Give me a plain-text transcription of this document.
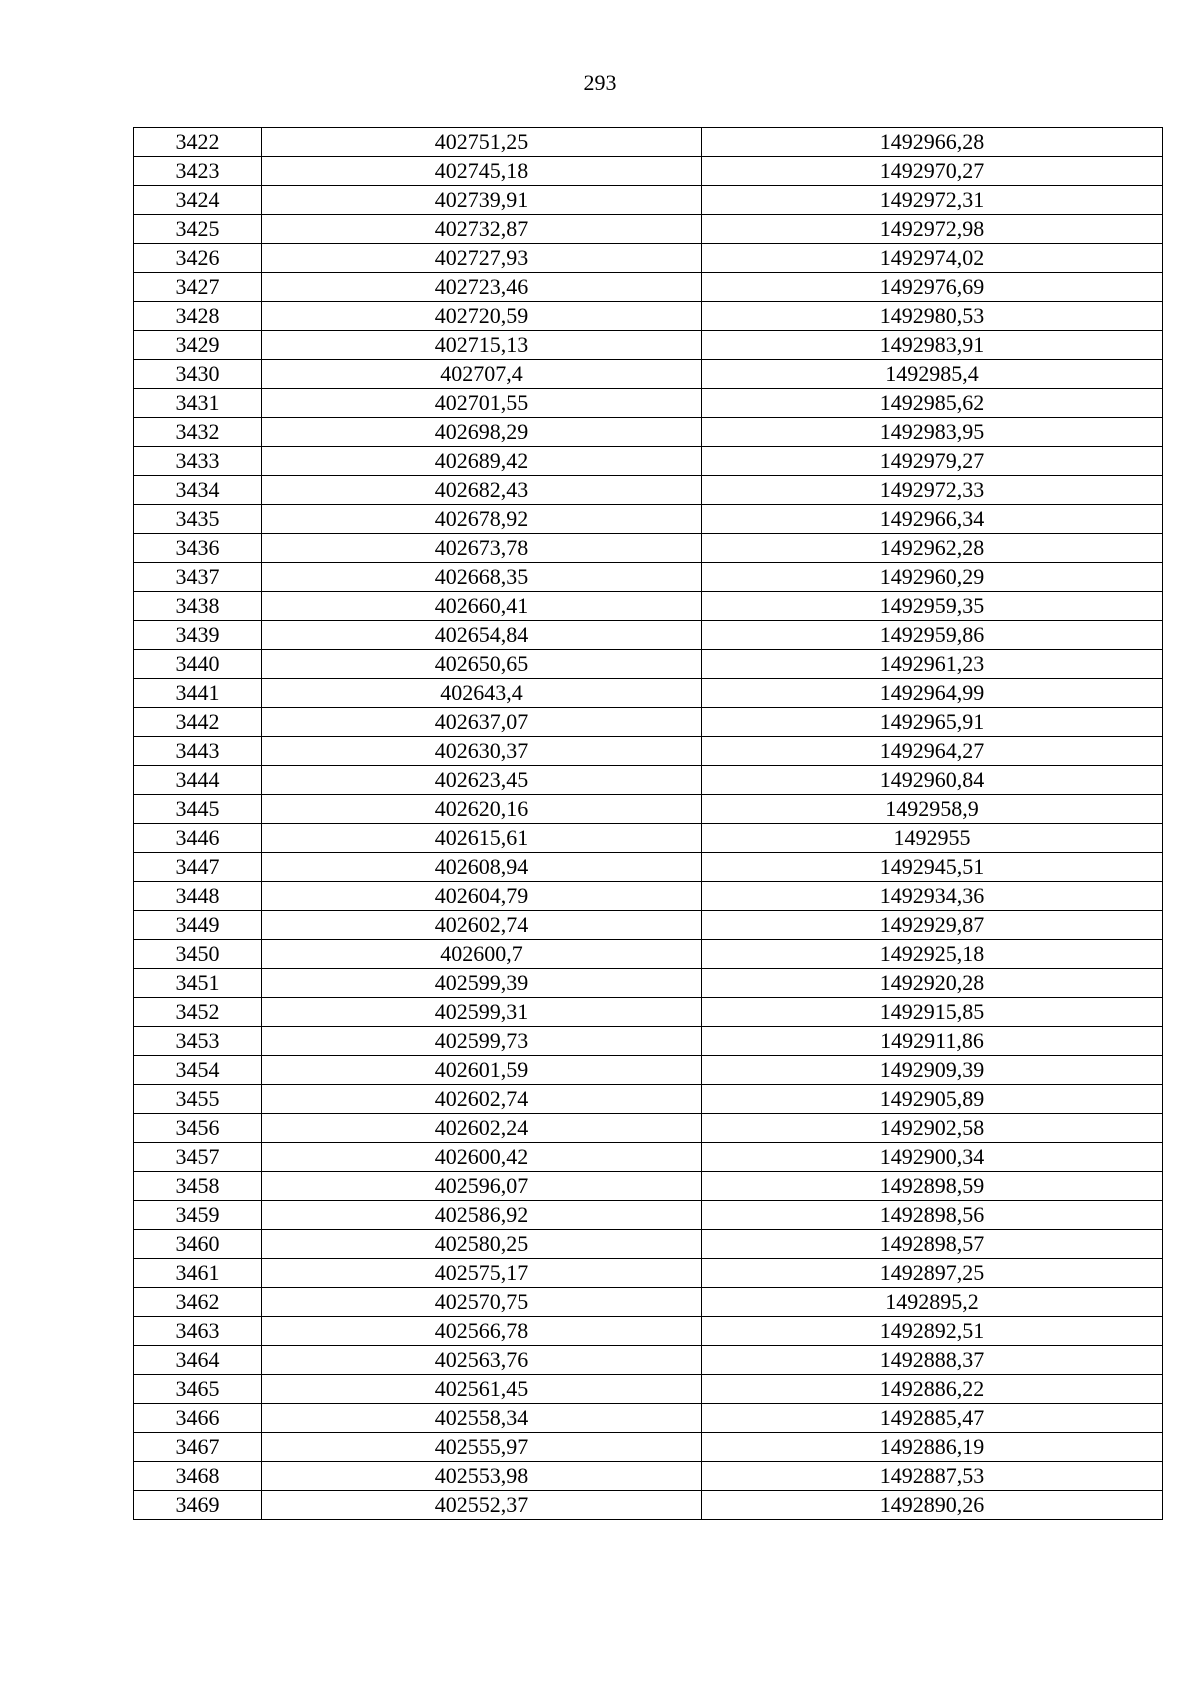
293
3422	402751,25	1492966,28
3423	402745,18	1492970,27
3424	402739,91	1492972,31
3425	402732,87	1492972,98
3426	402727,93	1492974,02
3427	402723,46	1492976,69
3428	402720,59	1492980,53
3429	402715,13	1492983,91
3430	402707,4	1492985,4
3431	402701,55	1492985,62
3432	402698,29	1492983,95
3433	402689,42	1492979,27
3434	402682,43	1492972,33
3435	402678,92	1492966,34
3436	402673,78	1492962,28
3437	402668,35	1492960,29
3438	402660,41	1492959,35
3439	402654,84	1492959,86
3440	402650,65	1492961,23
3441	402643,4	1492964,99
3442	402637,07	1492965,91
3443	402630,37	1492964,27
3444	402623,45	1492960,84
3445	402620,16	1492958,9
3446	402615,61	1492955
3447	402608,94	1492945,51
3448	402604,79	1492934,36
3449	402602,74	1492929,87
3450	402600,7	1492925,18
3451	402599,39	1492920,28
3452	402599,31	1492915,85
3453	402599,73	1492911,86
3454	402601,59	1492909,39
3455	402602,74	1492905,89
3456	402602,24	1492902,58
3457	402600,42	1492900,34
3458	402596,07	1492898,59
3459	402586,92	1492898,56
3460	402580,25	1492898,57
3461	402575,17	1492897,25
3462	402570,75	1492895,2
3463	402566,78	1492892,51
3464	402563,76	1492888,37
3465	402561,45	1492886,22
3466	402558,34	1492885,47
3467	402555,97	1492886,19
3468	402553,98	1492887,53
3469	402552,37	1492890,26
